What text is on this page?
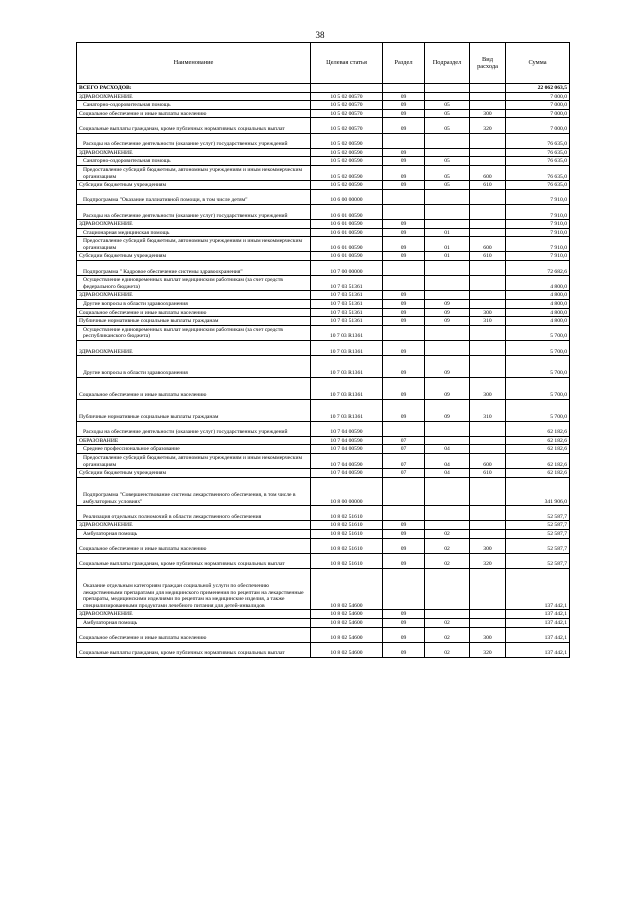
38
Наименование	Целевая статья	Раздел	Подраздел	Вид расхода	Сумма
ВСЕГО РАСХОДОВ:					22 062 063,5
ЗДРАВООХРАНЕНИЕ	10 5 02 00570	09			7 000,0
Санаторно-оздоровительная помощь	10 5 02 00570	09	05		7 000,0
Социальное обеспечение и иные выплаты населению	10 5 02 00570	09	05	300	7 000,0
Социальные выплаты гражданам, кроме публичных нормативных социальных выплат	10 5 02 00570	09	05	320	7 000,0
Расходы на обеспечение деятельности (оказание услуг) государственных учреждений	10 5 02 00590				76 635,0
ЗДРАВООХРАНЕНИЕ	10 5 02 00590	09			76 635,0
Санаторно-оздоровительная помощь	10 5 02 00590	09	05		76 635,0
Предоставление субсидий бюджетным, автономным учреждениям и иным некоммерческим организациям	10 5 02 00590	09	05	600	76 635,0
Субсидии бюджетным учреждениям	10 5 02 00590	09	05	610	76 635,0
Подпрограмма "Оказание паллиативной помощи, в том числе детям"	10 6 00 00000				7 910,0
Расходы на обеспечение деятельности (оказание услуг) государственных учреждений	10 6 01 00590				7 910,0
ЗДРАВООХРАНЕНИЕ	10 6 01 00590	09			7 910,0
Стационарная медицинская помощь	10 6 01 00590	09	01		7 910,0
Предоставление субсидий бюджетным, автономным учреждениям и иным некоммерческим организациям	10 6 01 00590	09	01	600	7 910,0
Субсидии бюджетным учреждениям	10 6 01 00590	09	01	610	7 910,0
Подпрограмма " Кадровое обеспечение системы здравоохранения"	10 7 00 00000				72 682,6
Осуществление единовременных выплат медицинским работникам (за счет средств федерального бюджета)	10 7 03 51361				4 800,0
ЗДРАВООХРАНЕНИЕ	10 7 03 51361	09			4 800,0
Другие вопросы в области здравоохранения	10 7 03 51361	09	09		4 800,0
Социальное обеспечение и иные выплаты населению	10 7 03 51361	09	09	300	4 800,0
Публичные нормативные социальные выплаты гражданам	10 7 03 51361	09	09	310	4 800,0
Осуществление единовременных выплат медицинским работникам (за счет средств республиканского бюджета)	10 7 03 R1361				5 700,0
ЗДРАВООХРАНЕНИЕ	10 7 03 R1361	09			5 700,0
Другие вопросы в области здравоохранения	10 7 03 R1361	09	09		5 700,0
Социальное обеспечение и иные выплаты населению	10 7 03 R1361	09	09	300	5 700,0
Публичные нормативные социальные выплаты гражданам	10 7 03 R1361	09	09	310	5 700,0
Расходы на обеспечение деятельности (оказание услуг) государственных учреждений	10 7 04 00590				62 182,6
ОБРАЗОВАНИЕ	10 7 04 00590	07			62 182,6
Среднее профессиональное образование	10 7 04 00590	07	04		62 182,6
Предоставление субсидий бюджетным, автономным учреждениям и иным некоммерческим организациям	10 7 04 00590	07	04	600	62 182,6
Субсидии бюджетным учреждениям	10 7 04 00590	07	04	610	62 182,6
Подпрограмма "Совершенствование системы лекарственного обеспечения, в том числе в амбулаторных условиях"	10 8 00 00000				341 906,0
Реализация отдельных полномочий в области лекарственного обеспечения	10 8 02 51610				52 587,7
ЗДРАВООХРАНЕНИЕ	10 8 02 51610	09			52 587,7
Амбулаторная помощь	10 8 02 51610	09	02		52 587,7
Социальное обеспечение и иные выплаты населению	10 8 02 51610	09	02	300	52 587,7
Социальные выплаты гражданам, кроме публичных нормативных социальных выплат	10 8 02 51610	09	02	320	52 587,7
Оказание отдельным категориям граждан социальной услуги по обеспечению лекарственными препаратами для медицинского применения по рецептам на лекарственные препараты, медицинскими изделиями по рецептам на медицинские изделия, а также специализированными продуктами лечебного питания для детей-инвалидов	10 8 02 54600				137 442,1
ЗДРАВООХРАНЕНИЕ	10 8 02 54600	09			137 442,1
Амбулаторная помощь	10 8 02 54600	09	02		137 442,1
Социальное обеспечение и иные выплаты населению	10 8 02 54600	09	02	300	137 442,1
Социальные выплаты гражданам, кроме публичных нормативных социальных выплат	10 8 02 54600	09	02	320	137 442,1
